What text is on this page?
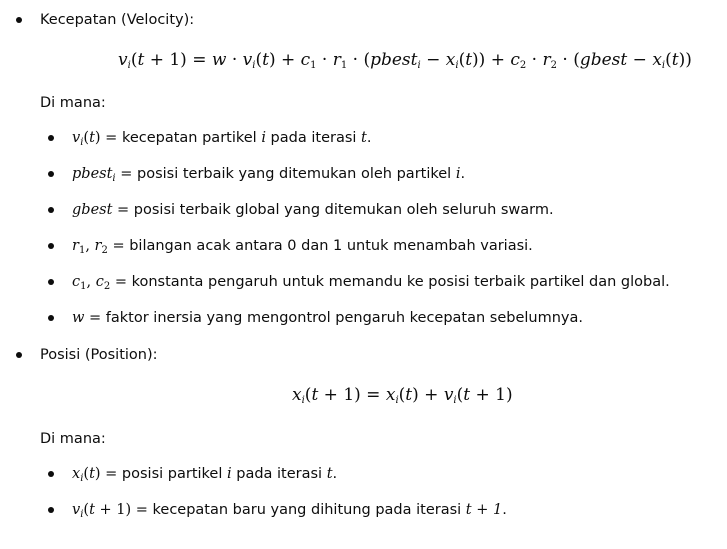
Kecepatan (Velocity):
$v_i(t + 1) = w \cdot v_i(t) + c_1 \cdot r_1$ · (pbest$_i$ − $x_i(t)) + c_2 \cdot r_2$ · (gbest − $x_i(t)$)
Di mana:
$v_i(t)$ = kecepatan partikel i pada iterasi t.
pbest$_i$ = posisi terbaik yang ditemukan oleh partikel i.
gbest = posisi terbaik global yang ditemukan oleh seluruh swarm.
$r_1$, $r_2$ = bilangan acak antara 0 dan 1 untuk menambah variasi.
$c_1$, $c_2$ = konstanta pengaruh untuk memandu ke posisi terbaik partikel dan global.
w = faktor inersia yang mengontrol pengaruh kecepatan sebelumnya.
Posisi (Position):
$x_i(t + 1) = x_i(t) + v_i(t + 1)$
Di mana:
$x_i(t)$ = posisi partikel i pada iterasi t.
$v_i(t + 1)$ = kecepatan baru yang dihitung pada iterasi t + 1.
